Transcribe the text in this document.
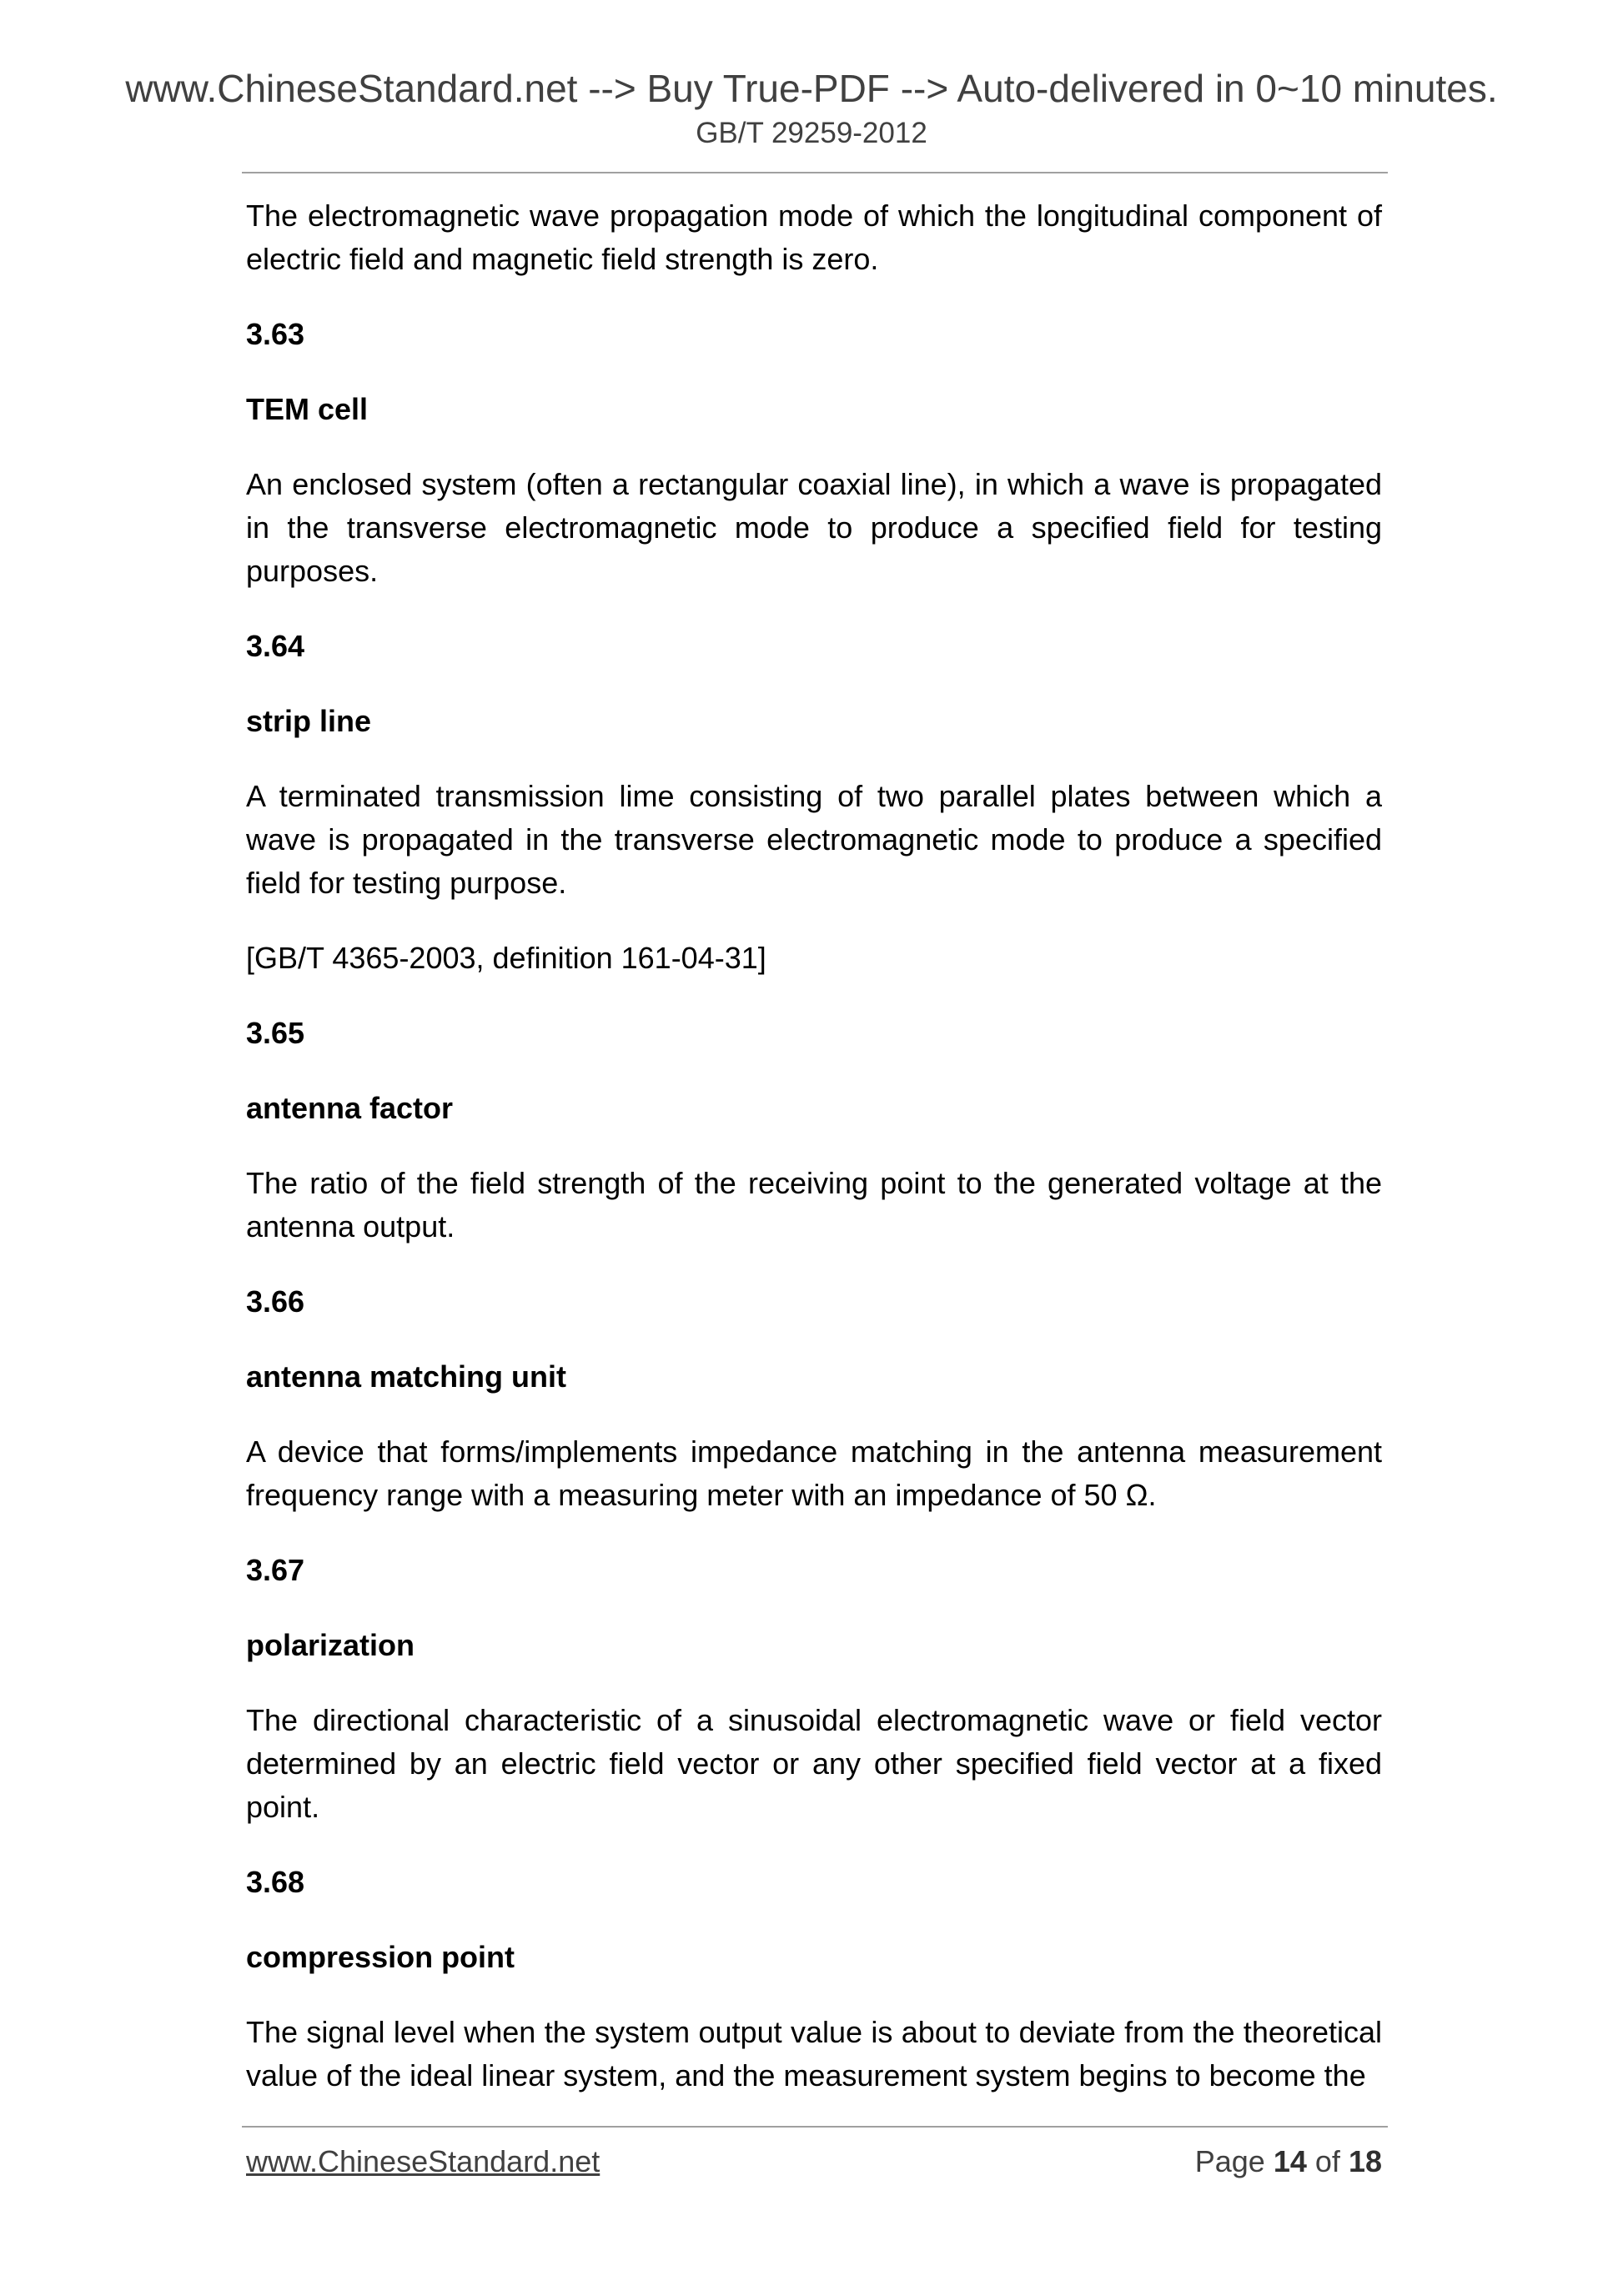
www.ChineseStandard.net --> Buy True-PDF --> Auto-delivered in 0~10 minutes.
GB/T 29259-2012

The electromagnetic wave propagation mode of which the longitudinal component of electric field and magnetic field strength is zero.

3.63

TEM cell

An enclosed system (often a rectangular coaxial line), in which a wave is propagated in the transverse electromagnetic mode to produce a specified field for testing purposes.

3.64

strip line

A terminated transmission lime consisting of two parallel plates between which a wave is propagated in the transverse electromagnetic mode to produce a specified field for testing purpose.

[GB/T 4365-2003, definition 161-04-31]

3.65

antenna factor

The ratio of the field strength of the receiving point to the generated voltage at the antenna output.

3.66

antenna matching unit

A device that forms/implements impedance matching in the antenna measurement frequency range with a measuring meter with an impedance of 50 Ω.

3.67

polarization

The directional characteristic of a sinusoidal electromagnetic wave or field vector determined by an electric field vector or any other specified field vector at a fixed point.

3.68

compression point

The signal level when the system output value is about to deviate from the theoretical value of the ideal linear system, and the measurement system begins to become the

www.ChineseStandard.net	Page 14 of 18
